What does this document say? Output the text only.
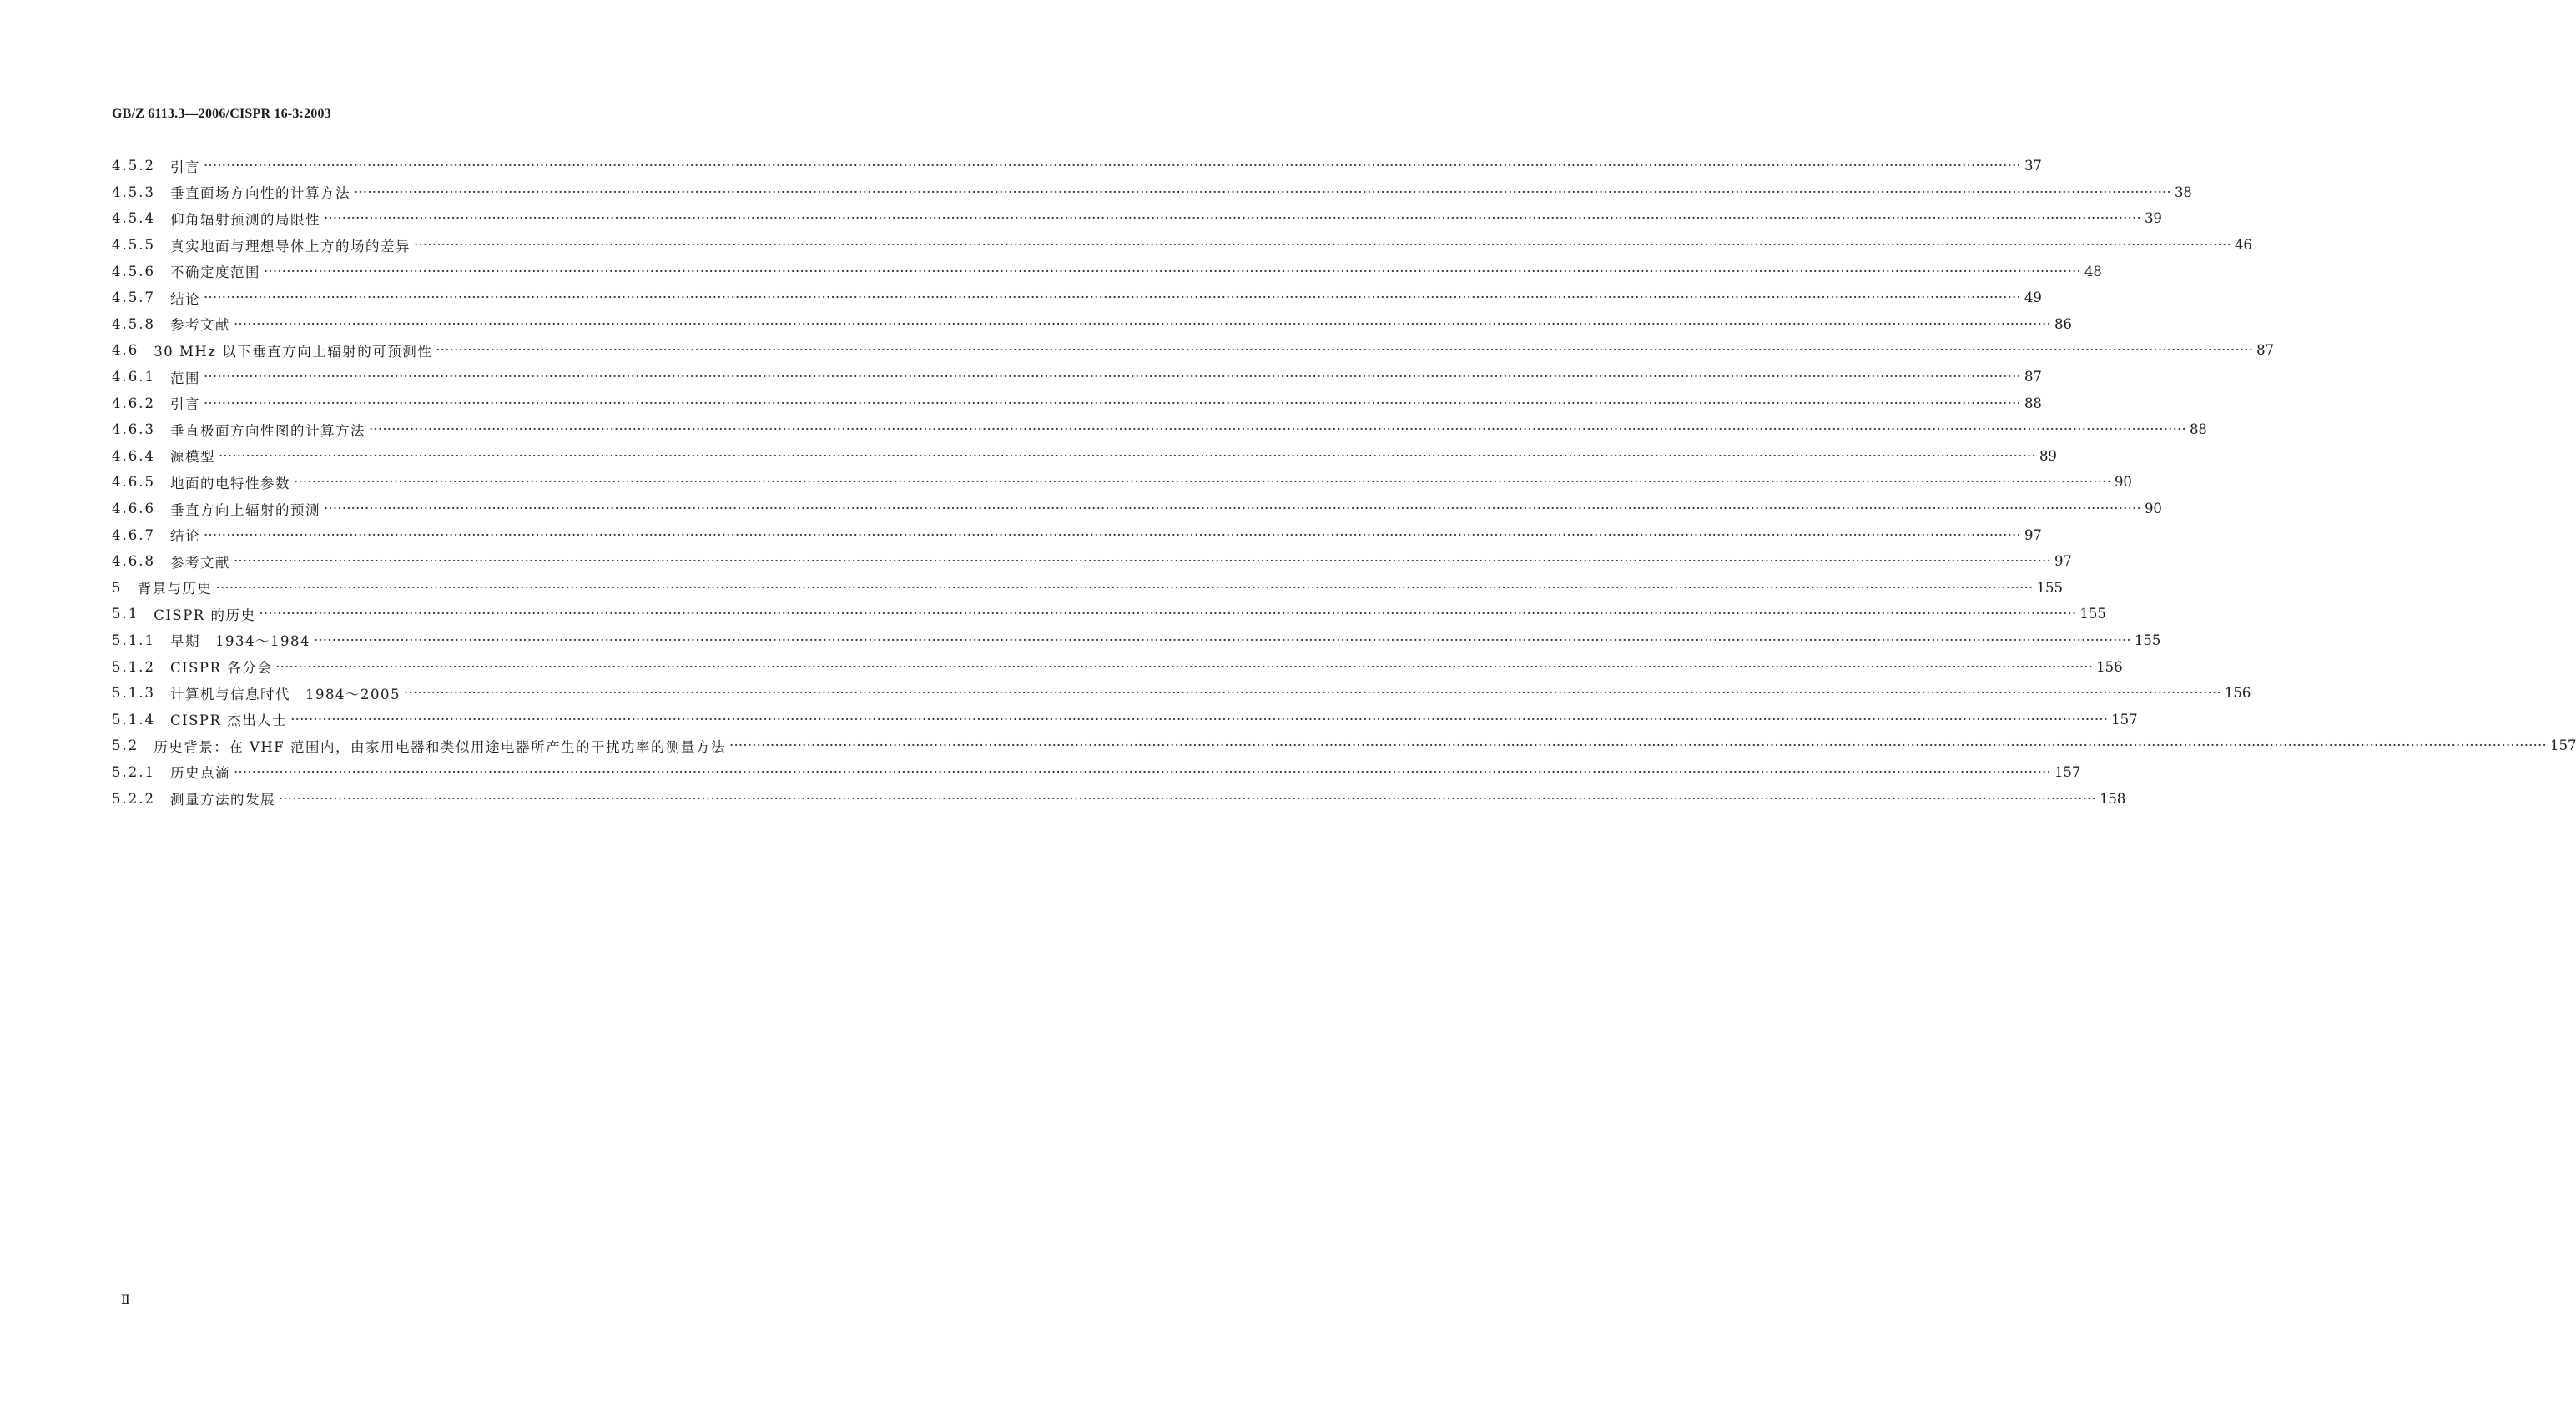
GB/Z 6113.3—2006/CISPR 16-3:2003
4.5.2	引言 ················································································································································································································································································································································································································ 37
4.5.3	垂直面场方向性的计算方法 ················································································································································································································································································································································································································ 38
4.5.4	仰角辐射预测的局限性 ················································································································································································································································································································································································································ 39
4.5.5	真实地面与理想导体上方的场的差异 ················································································································································································································································································································································································································ 46
4.5.6	不确定度范围 ················································································································································································································································································································································································································ 48
4.5.7	结论 ················································································································································································································································································································································································································ 49
4.5.8	参考文献 ················································································································································································································································································································································································································ 86
4.6	30 MHz 以下垂直方向上辐射的可预测性 ················································································································································································································································································································································································································ 87
4.6.1	范围 ················································································································································································································································································································································································································ 87
4.6.2	引言 ················································································································································································································································································································································································································ 88
4.6.3	垂直极面方向性图的计算方法 ················································································································································································································································································································································································································ 88
4.6.4	源模型 ················································································································································································································································································································································································································ 89
4.6.5	地面的电特性参数 ················································································································································································································································································································································································································ 90
4.6.6	垂直方向上辐射的预测 ················································································································································································································································································································································································································ 90
4.6.7	结论 ················································································································································································································································································································································································································ 97
4.6.8	参考文献 ················································································································································································································································································································································································································ 97
5	背景与历史 ················································································································································································································································································································································································································ 155
5.1	CISPR 的历史 ················································································································································································································································································································································································································ 155
5.1.1	早期　1934～1984 ················································································································································································································································································································································································································ 155
5.1.2	CISPR 各分会 ················································································································································································································································································································································································································ 156
5.1.3	计算机与信息时代　1984～2005 ················································································································································································································································································································································································································ 156
5.1.4	CISPR 杰出人士 ················································································································································································································································································································································································································ 157
5.2	历史背景：在 VHF 范围内，由家用电器和类似用途电器所产生的干扰功率的测量方法 ················································································································································································································································································································································································································ 157
5.2.1	历史点滴 ················································································································································································································································································································································································································ 157
5.2.2	测量方法的发展 ················································································································································································································································································································································································································ 158
Ⅱ
